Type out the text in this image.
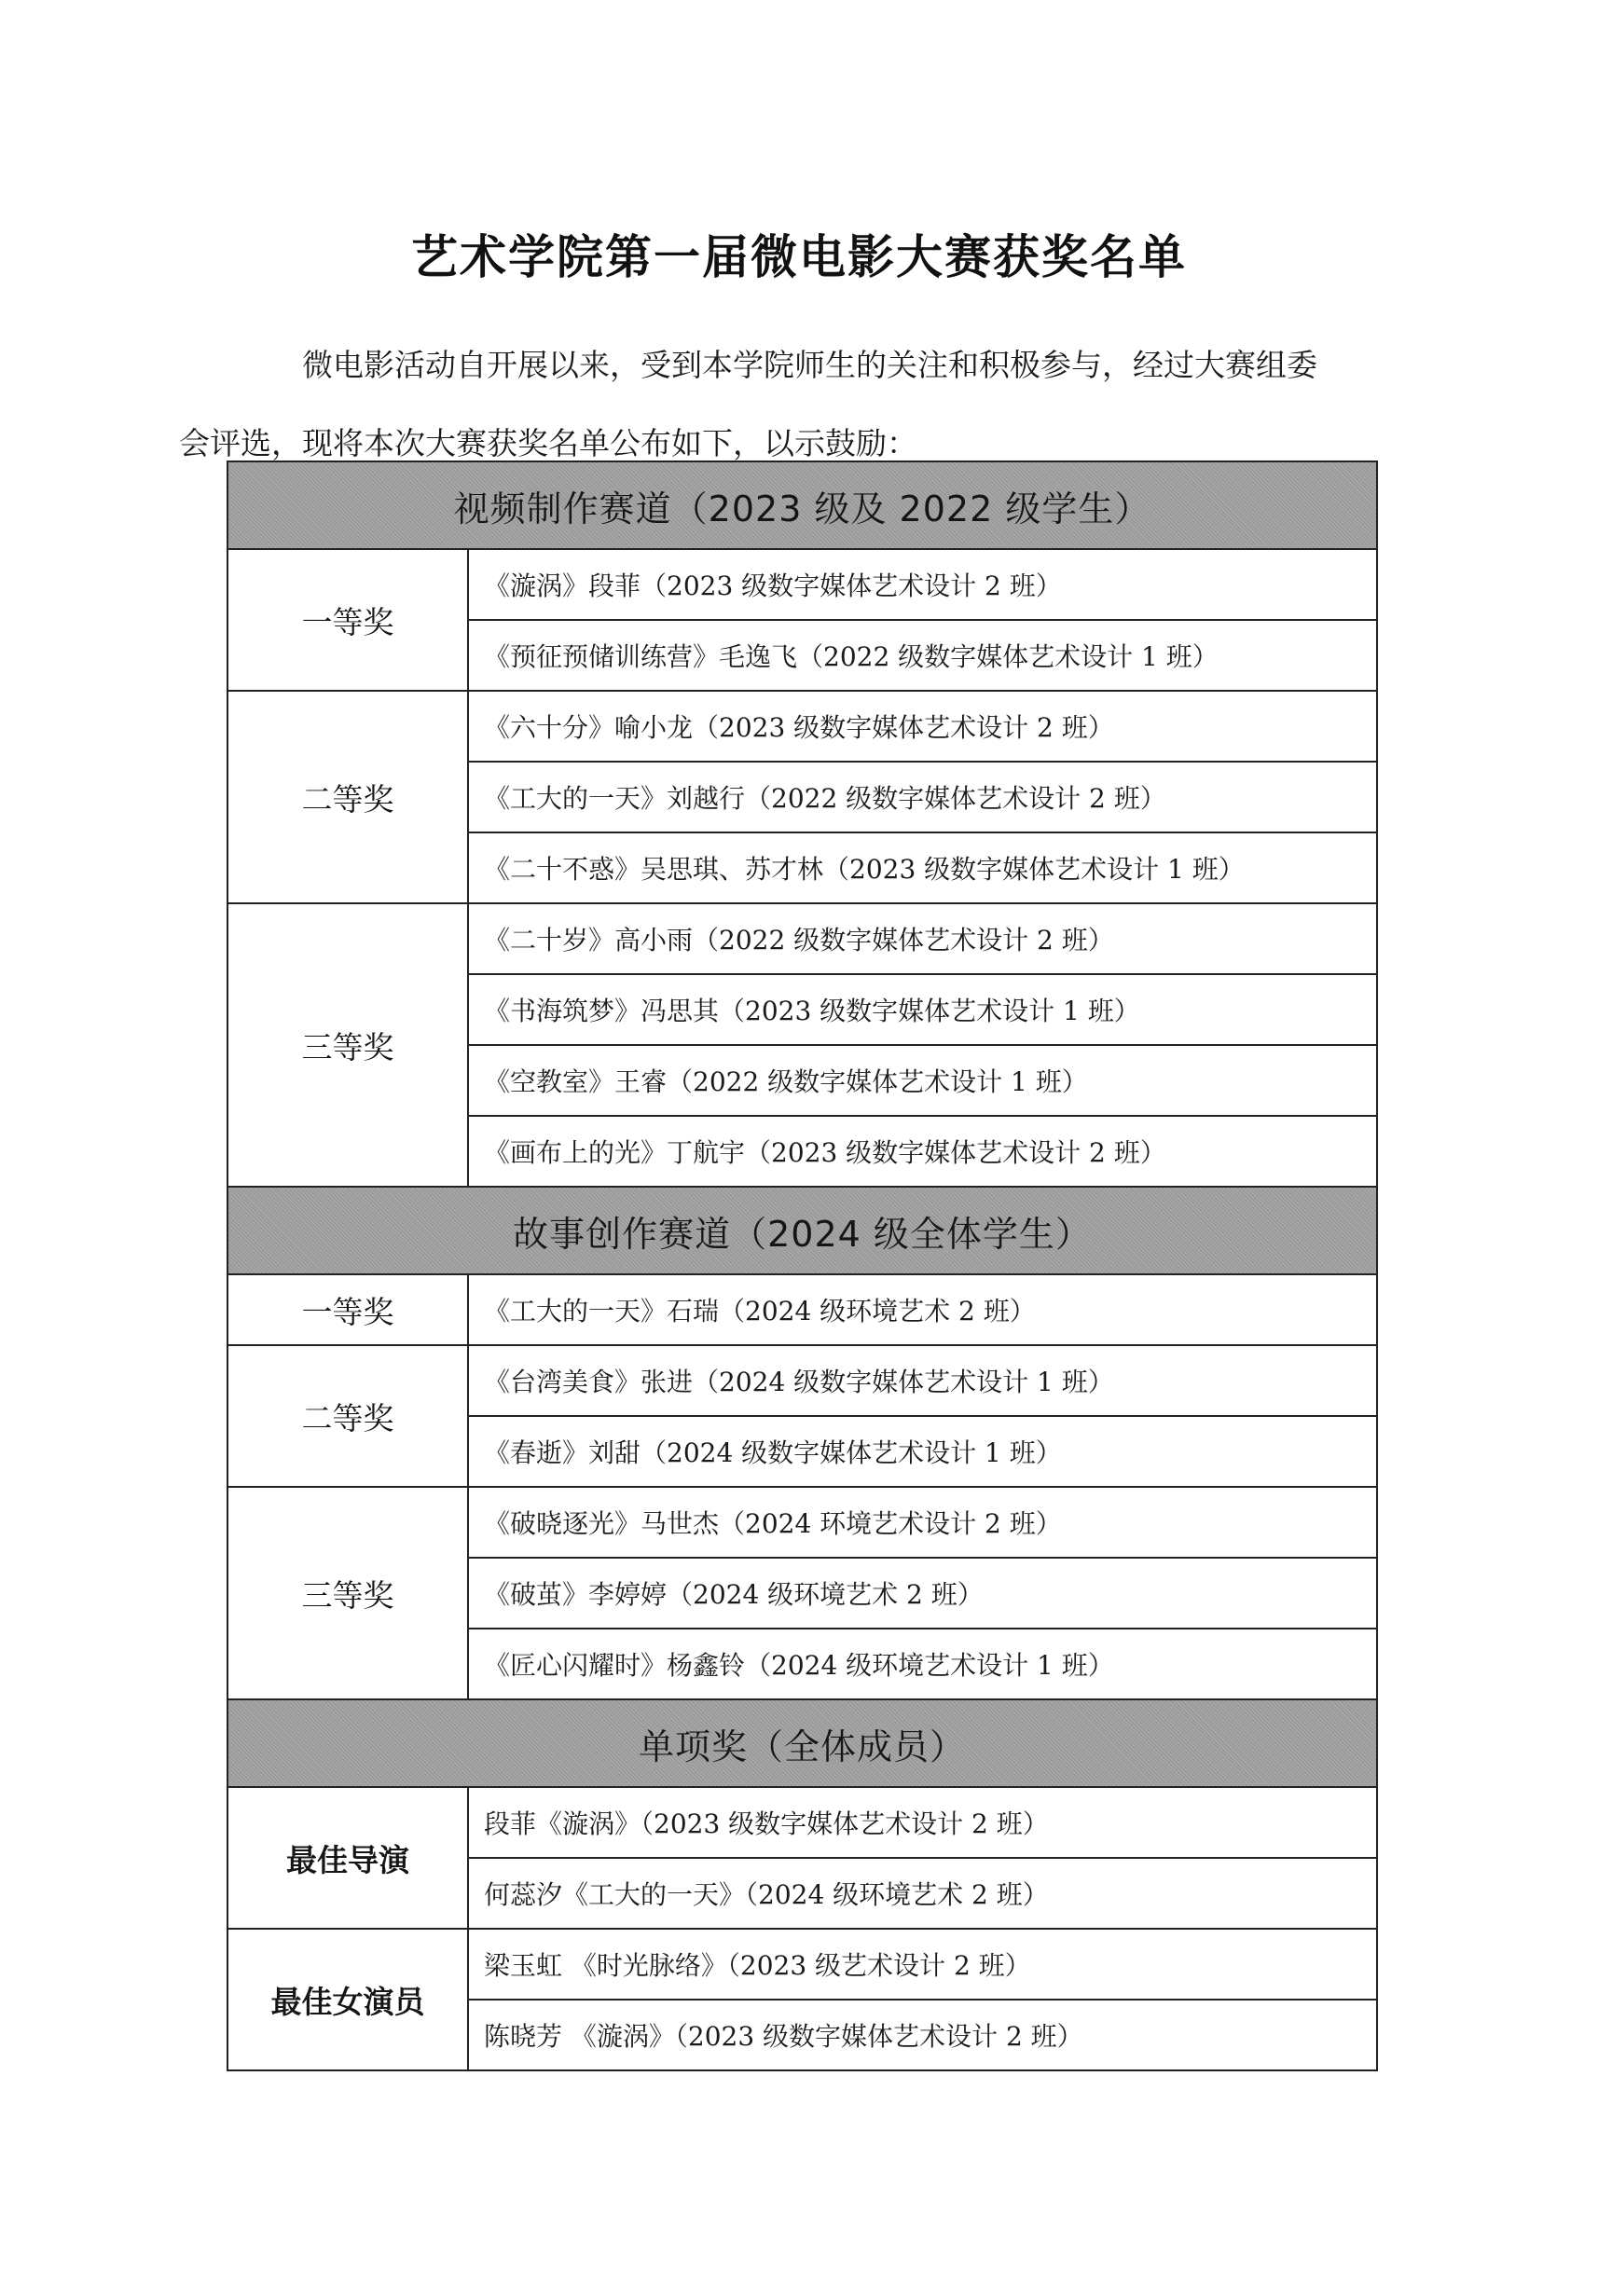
艺术学院第一届微电影大赛获奖名单
微电影活动自开展以来，受到本学院师生的关注和积极参与，经过大赛组委
会评选，现将本次大赛获奖名单公布如下，以示鼓励：
视频制作赛道（2023 级及 2022 级学生）	
一等奖	《漩涡》段菲（2023 级数字媒体艺术设计 2 班）
	《预征预储训练营》毛逸飞（2022 级数字媒体艺术设计 1 班）
二等奖	《六十分》喻小龙（2023 级数字媒体艺术设计 2 班）
	《工大的一天》刘越行（2022 级数字媒体艺术设计 2 班）
	《二十不惑》吴思琪、苏才林（2023 级数字媒体艺术设计 1 班）
三等奖	《二十岁》高小雨（2022 级数字媒体艺术设计 2 班）
	《书海筑梦》冯思其（2023 级数字媒体艺术设计 1 班）
	《空教室》王睿（2022 级数字媒体艺术设计 1 班）
	《画布上的光》丁航宇（2023 级数字媒体艺术设计 2 班）
故事创作赛道（2024 级全体学生）	
一等奖	《工大的一天》石瑞（2024 级环境艺术 2 班）
二等奖	《台湾美食》张进（2024 级数字媒体艺术设计 1 班）
	《春逝》刘甜（2024 级数字媒体艺术设计 1 班）
三等奖	《破晓逐光》马世杰（2024 环境艺术设计 2 班）
	《破茧》李婷婷（2024 级环境艺术 2 班）
	《匠心闪耀时》杨鑫铃（2024 级环境艺术设计 1 班）
单项奖（全体成员）	
最佳导演	段菲《漩涡》（2023 级数字媒体艺术设计 2 班）
	何蕊汐《工大的一天》（2024 级环境艺术 2 班）
最佳女演员	梁玉虹 《时光脉络》（2023 级艺术设计 2 班）
	陈晓芳 《漩涡》（2023 级数字媒体艺术设计 2 班）
